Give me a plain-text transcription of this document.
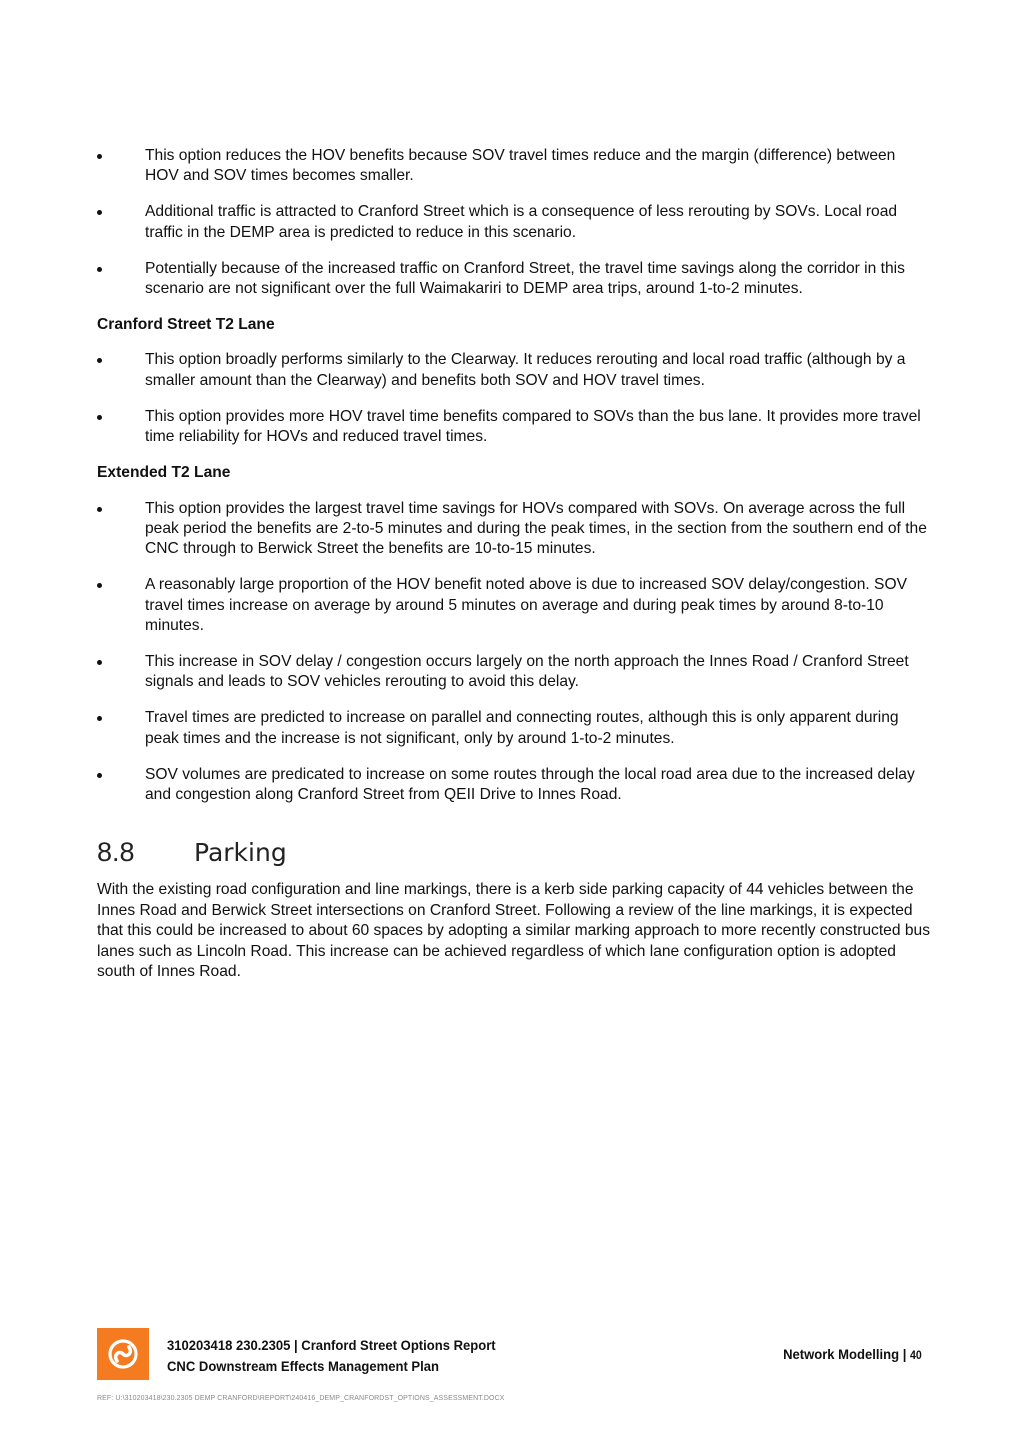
This option reduces the HOV benefits because SOV travel times reduce and the margin (difference) between HOV and SOV times becomes smaller.
Additional traffic is attracted to Cranford Street which is a consequence of less rerouting by SOVs. Local road traffic in the DEMP area is predicted to reduce in this scenario.
Potentially because of the increased traffic on Cranford Street, the travel time savings along the corridor in this scenario are not significant over the full Waimakariri to DEMP area trips, around 1-to-2 minutes.
Cranford Street T2 Lane
This option broadly performs similarly to the Clearway. It reduces rerouting and local road traffic (although by a smaller amount than the Clearway) and benefits both SOV and HOV travel times.
This option provides more HOV travel time benefits compared to SOVs than the bus lane. It provides more travel time reliability for HOVs and reduced travel times.
Extended T2 Lane
This option provides the largest travel time savings for HOVs compared with SOVs. On average across the full peak period the benefits are 2-to-5 minutes and during the peak times, in the section from the southern end of the CNC through to Berwick Street the benefits are 10-to-15 minutes.
A reasonably large proportion of the HOV benefit noted above is due to increased SOV delay/congestion. SOV travel times increase on average by around 5 minutes on average and during peak times by around 8-to-10 minutes.
This increase in SOV delay / congestion occurs largely on the north approach the Innes Road / Cranford Street signals and leads to SOV vehicles rerouting to avoid this delay.
Travel times are predicted to increase on parallel and connecting routes, although this is only apparent during peak times and the increase is not significant, only by around 1-to-2 minutes.
SOV volumes are predicated to increase on some routes through the local road area due to the increased delay and congestion along Cranford Street from QEII Drive to Innes Road.
8.8	Parking

With the existing road configuration and line markings, there is a kerb side parking capacity of 44 vehicles between the Innes Road and Berwick Street intersections on Cranford Street. Following a review of the line markings, it is expected that this could be increased to about 60 spaces by adopting a similar marking approach to more recently constructed bus lanes such as Lincoln Road. This increase can be achieved regardless of which lane configuration option is adopted south of Innes Road.

310203418 230.2305 | Cranford Street Options Report
CNC Downstream Effects Management Plan
Network Modelling | 40
REF: U:\310203418\230.2305 DEMP CRANFORD\REPORT\240416_DEMP_CRANFORDST_OPTIONS_ASSESSMENT.DOCX
